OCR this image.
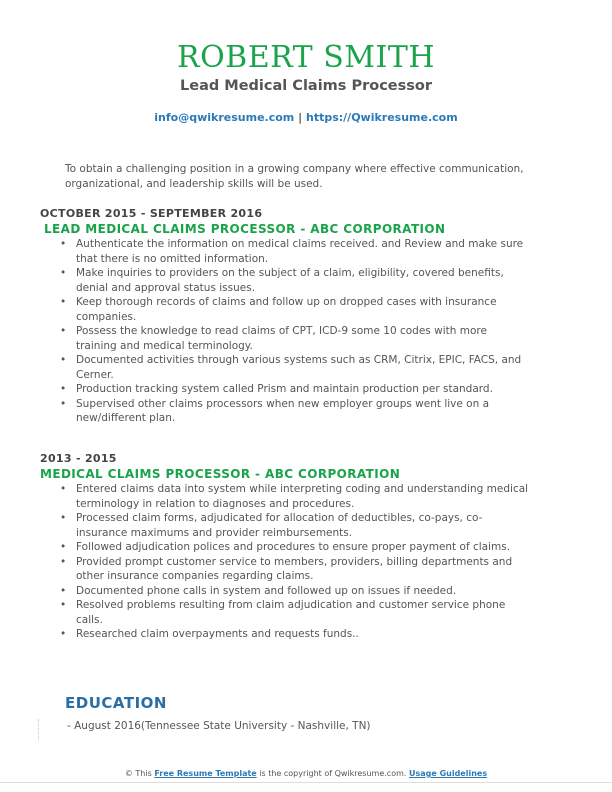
ROBERT SMITH
Lead Medical Claims Processor
info@qwikresume.com | https://Qwikresume.com
To obtain a challenging position in a growing company where effective communication, organizational, and leadership skills will be used.
OCTOBER 2015 - SEPTEMBER 2016
LEAD MEDICAL CLAIMS PROCESSOR - ABC CORPORATION
• Authenticate the information on medical claims received. and Review and make sure that there is no omitted information.
• Make inquiries to providers on the subject of a claim, eligibility, covered benefits, denial and approval status issues.
• Keep thorough records of claims and follow up on dropped cases with insurance companies.
• Possess the knowledge to read claims of CPT, ICD-9 some 10 codes with more training and medical terminology.
• Documented activities through various systems such as CRM, Citrix, EPIC, FACS, and Cerner.
• Production tracking system called Prism and maintain production per standard.
• Supervised other claims processors when new employer groups went live on a new/different plan.
2013 - 2015
MEDICAL CLAIMS PROCESSOR - ABC CORPORATION
• Entered claims data into system while interpreting coding and understanding medical terminology in relation to diagnoses and procedures.
• Processed claim forms, adjudicated for allocation of deductibles, co-pays, co-insurance maximums and provider reimbursements.
• Followed adjudication polices and procedures to ensure proper payment of claims.
• Provided prompt customer service to members, providers, billing departments and other insurance companies regarding claims.
• Documented phone calls in system and followed up on issues if needed.
• Resolved problems resulting from claim adjudication and customer service phone calls.
• Researched claim overpayments and requests funds..
EDUCATION
- August 2016(Tennessee State University - Nashville, TN)
© This Free Resume Template is the copyright of Qwikresume.com. Usage Guidelines
